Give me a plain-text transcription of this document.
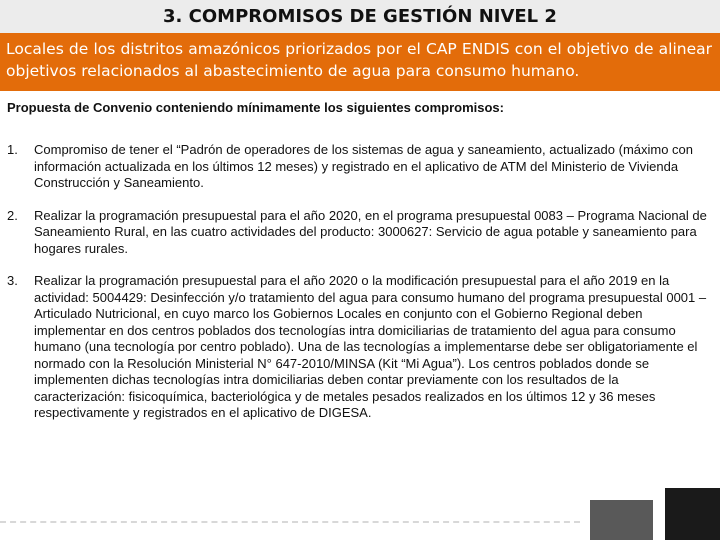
3. COMPROMISOS DE GESTIÓN NIVEL 2
Locales de los distritos amazónicos priorizados por el CAP ENDIS con el objetivo de alinear objetivos relacionados al abastecimiento de agua para consumo humano.
Propuesta de Convenio conteniendo mínimamente los siguientes compromisos:
1.	Compromiso de tener el “Padrón de operadores de los sistemas de agua y saneamiento, actualizado (máximo con información actualizada en los últimos 12 meses) y registrado en el aplicativo de ATM del Ministerio de Vivienda Construcción y Saneamiento.
2.	Realizar la programación presupuestal para el año 2020, en el programa presupuestal 0083 – Programa Nacional de Saneamiento Rural, en las cuatro actividades del producto: 3000627: Servicio de agua potable y saneamiento para hogares rurales.
3.	Realizar la programación presupuestal para el año 2020 o la modificación presupuestal para el año 2019 en la actividad: 5004429: Desinfección y/o tratamiento del agua para consumo humano del programa presupuestal 0001 – Articulado Nutricional, en cuyo marco los Gobiernos Locales en conjunto con el Gobierno Regional deben implementar en dos centros poblados dos tecnologías intra domiciliarias de tratamiento del agua para consumo humano (una tecnología por centro poblado). Una de las tecnologías a implementarse debe ser obligatoriamente el normado con la Resolución Ministerial N° 647-2010/MINSA (Kit “Mi Agua”). Los centros poblados donde se implementen dichas tecnologías intra domiciliarias deben contar previamente con los resultados de la caracterización: fisicoquímica, bacteriológica y de metales pesados realizados en los últimos 12 y 36 meses respectivamente y registrados en el aplicativo de DIGESA.
